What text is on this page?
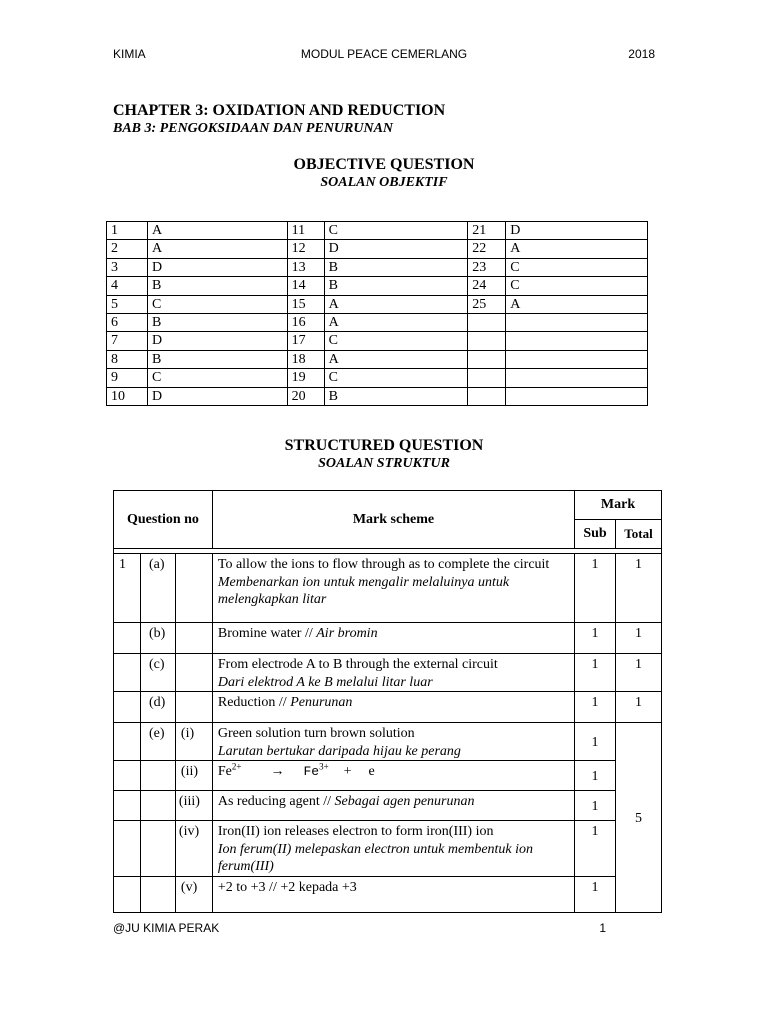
KIMIA	MODUL PEACE CEMERLANG	2018
CHAPTER 3: OXIDATION AND REDUCTION
BAB 3: PENGOKSIDAAN DAN PENURUNAN
OBJECTIVE QUESTION
SOALAN OBJEKTIF
1	A	11	C	21	D
2	A	12	D	22	A
3	D	13	B	23	C
4	B	14	B	24	C
5	C	15	A	25	A
6	B	16	A		
7	D	17	C		
8	B	18	A		
9	C	19	C		
10	D	20	B		
STRUCTURED QUESTION
SOALAN STRUKTUR
Question no			Mark scheme	Mark	
				Sub	Total

1	(a)		To allow the ions to flow through as to complete the circuit
Membenarkan ion untuk mengalir melaluinya untuk melengkapkan litar	1	1
	(b)		Bromine water // Air bromin	1	1
	(c)		From electrode A to B through the external circuit
Dari elektrod A ke B melalui litar luar	1	1
	(d)		Reduction // Penurunan	1	1
	(e)	(i)	Green solution turn brown solution
Larutan bertukar daripada hijau ke perang	1	5
		(ii)	$Fe^{2+} \to Fe^{3+} + e$	1	
		(iii)	As reducing agent // Sebagai agen penurunan	1	
		(iv)	Iron(II) ion releases electron to form iron(III) ion
Ion ferum(II) melepaskan electron untuk membentuk ion ferum(III)	1	
		(v)	+2 to +3 // +2 kepada +3	1	
@JU KIMIA PERAK	1
